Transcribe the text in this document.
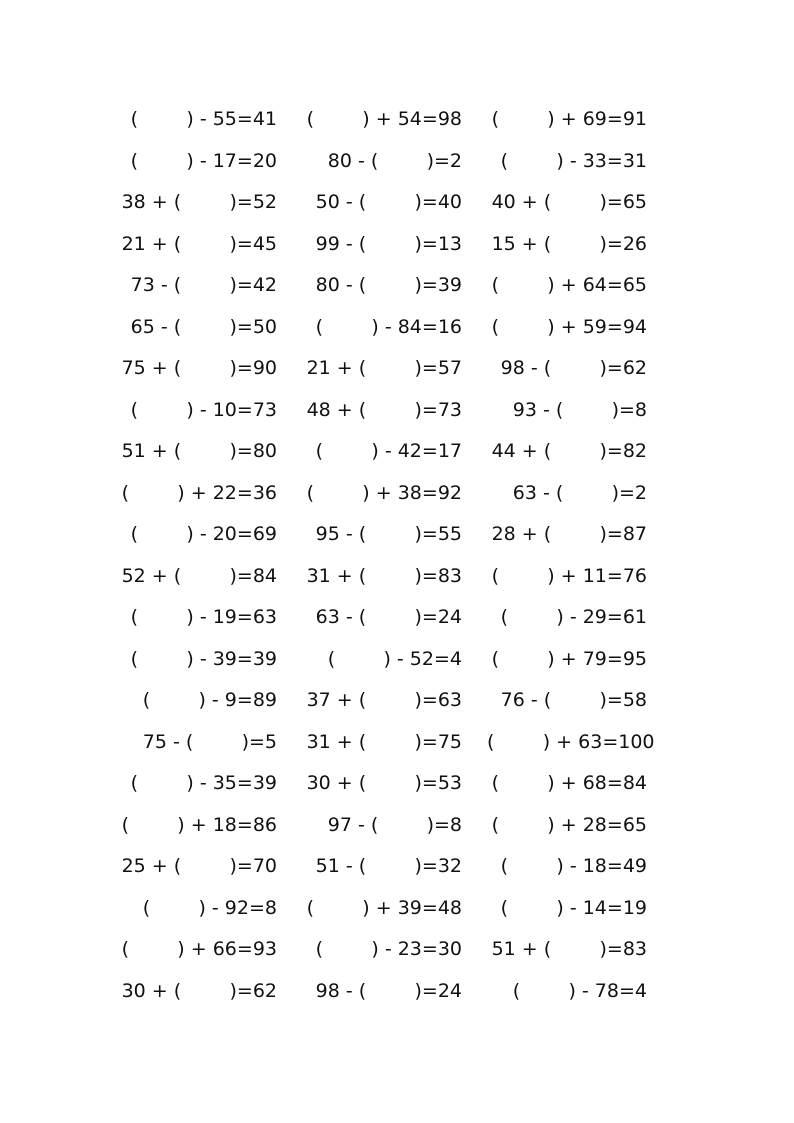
(        ) - 55=41 (        ) + 54=98 (        ) + 69=91
(        ) - 17=20	80 - (        )=2	(        ) - 33=31
38 + (        )=52	50 - (        )=40 40 + (        )=65
21 + (        )=45	99 - (        )=13 15 + (        )=26
73 - (        )=42	80 - (        )=39 (        ) + 64=65
65 - (        )=50	(        ) - 84=16 (        ) + 59=94
75 + (        )=90 21 + (        )=57	98 - (        )=62
(        ) - 10=73 48 + (        )=73	93 - (        )=8
51 + (        )=80	(        ) - 42=17 44 + (        )=82
(        ) + 22=36 (        ) + 38=92	63 - (        )=2
(        ) - 20=69	95 - (        )=55 28 + (        )=87
52 + (        )=84 31 + (        )=83 (        ) + 11=76
(        ) - 19=63	63 - (        )=24	(        ) - 29=61
(        ) - 39=39	(        ) - 52=4 (        ) + 79=95
(        ) - 9=89 37 + (        )=63	76 - (        )=58
75 - (        )=5 31 + (        )=75 (        ) + 63=100
(        ) - 35=39 30 + (        )=53 (        ) + 68=84
(        ) + 18=86	97 - (        )=8 (        ) + 28=65
25 + (        )=70	51 - (        )=32	(        ) - 18=49
(        ) - 92=8 (        ) + 39=48	(        ) - 14=19
(        ) + 66=93	(        ) - 23=30 51 + (        )=83
30 + (        )=62	98 - (        )=24	(        ) - 78=4
